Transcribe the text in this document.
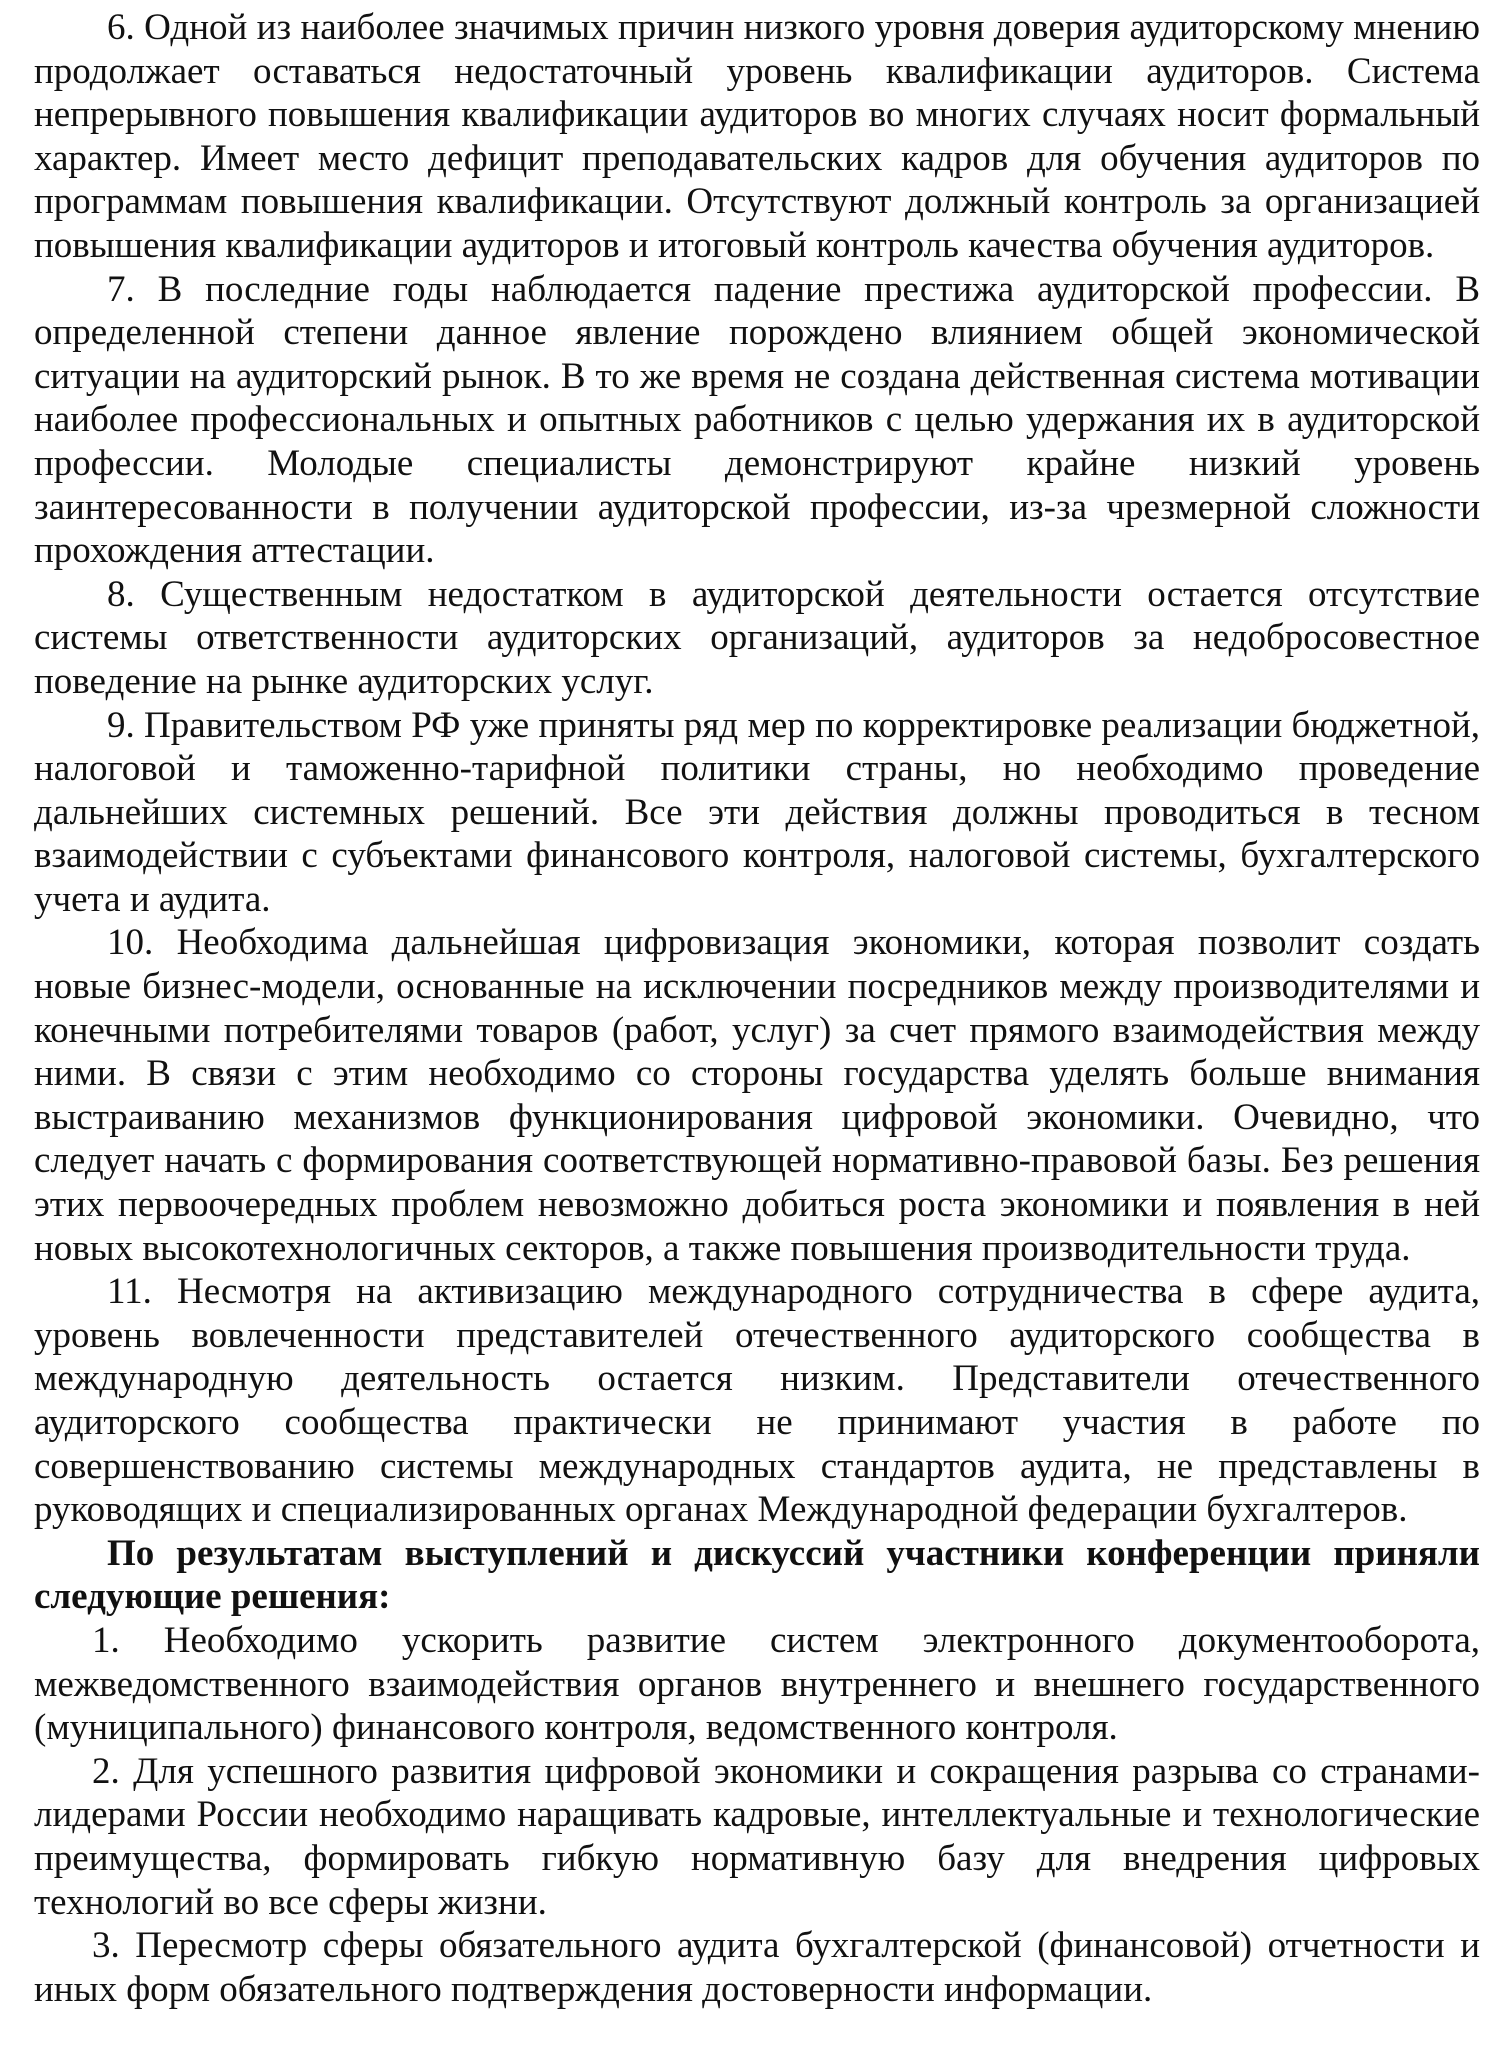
6. Одной из наиболее значимых причин низкого уровня доверия аудиторскому мнению продолжает оставаться недостаточный уровень квалификации аудиторов. Система непрерывного повышения квалификации аудиторов во многих случаях носит формальный характер. Имеет место дефицит преподавательских кадров для обучения аудиторов по программам повышения квалификации. Отсутствуют должный контроль за организацией повышения квалификации аудиторов и итоговый контроль качества обучения аудиторов.

7. В последние годы наблюдается падение престижа аудиторской профессии. В определенной степени данное явление порождено влиянием общей экономической ситуации на аудиторский рынок. В то же время не создана действенная система мотивации наиболее профессиональных и опытных работников с целью удержания их в аудиторской профессии. Молодые специалисты демонстрируют крайне низкий уровень заинтересованности в получении аудиторской профессии, из-за чрезмерной сложности прохождения аттестации.

8. Существенным недостатком в аудиторской деятельности остается отсутствие системы ответственности аудиторских организаций, аудиторов за недобросовестное поведение на рынке аудиторских услуг.

9. Правительством РФ уже приняты ряд мер по корректировке реализации бюджетной, налоговой и таможенно-тарифной политики страны, но необходимо проведение дальнейших системных решений. Все эти действия должны проводиться в тесном взаимодействии с субъектами финансового контроля, налоговой системы, бухгалтерского учета и аудита.

10. Необходима дальнейшая цифровизация экономики, которая позволит создать новые бизнес-модели, основанные на исключении посредников между производителями и конечными потребителями товаров (работ, услуг) за счет прямого взаимодействия между ними. В связи с этим необходимо со стороны государства уделять больше внимания выстраиванию механизмов функционирования цифровой экономики. Очевидно, что следует начать с формирования соответствующей нормативно-правовой базы. Без решения этих первоочередных проблем невозможно добиться роста экономики и появления в ней новых высокотехнологичных секторов, а также повышения производительности труда.

11. Несмотря на активизацию международного сотрудничества в сфере аудита, уровень вовлеченности представителей отечественного аудиторского сообщества в международную деятельность остается низким. Представители отечественного аудиторского сообщества практически не принимают участия в работе по совершенствованию системы международных стандартов аудита, не представлены в руководящих и специализированных органах Международной федерации бухгалтеров.

По результатам выступлений и дискуссий участники конференции приняли следующие решения:

1. Необходимо ускорить развитие систем электронного документооборота, межведомственного взаимодействия органов внутреннего и внешнего государственного (муниципального) финансового контроля, ведомственного контроля.

2. Для успешного развития цифровой экономики и сокращения разрыва со странами-лидерами России необходимо наращивать кадровые, интеллектуальные и технологические преимущества, формировать гибкую нормативную базу для внедрения цифровых технологий во все сферы жизни.

3. Пересмотр сферы обязательного аудита бухгалтерской (финансовой) отчетности и иных форм обязательного подтверждения достоверности информации.
